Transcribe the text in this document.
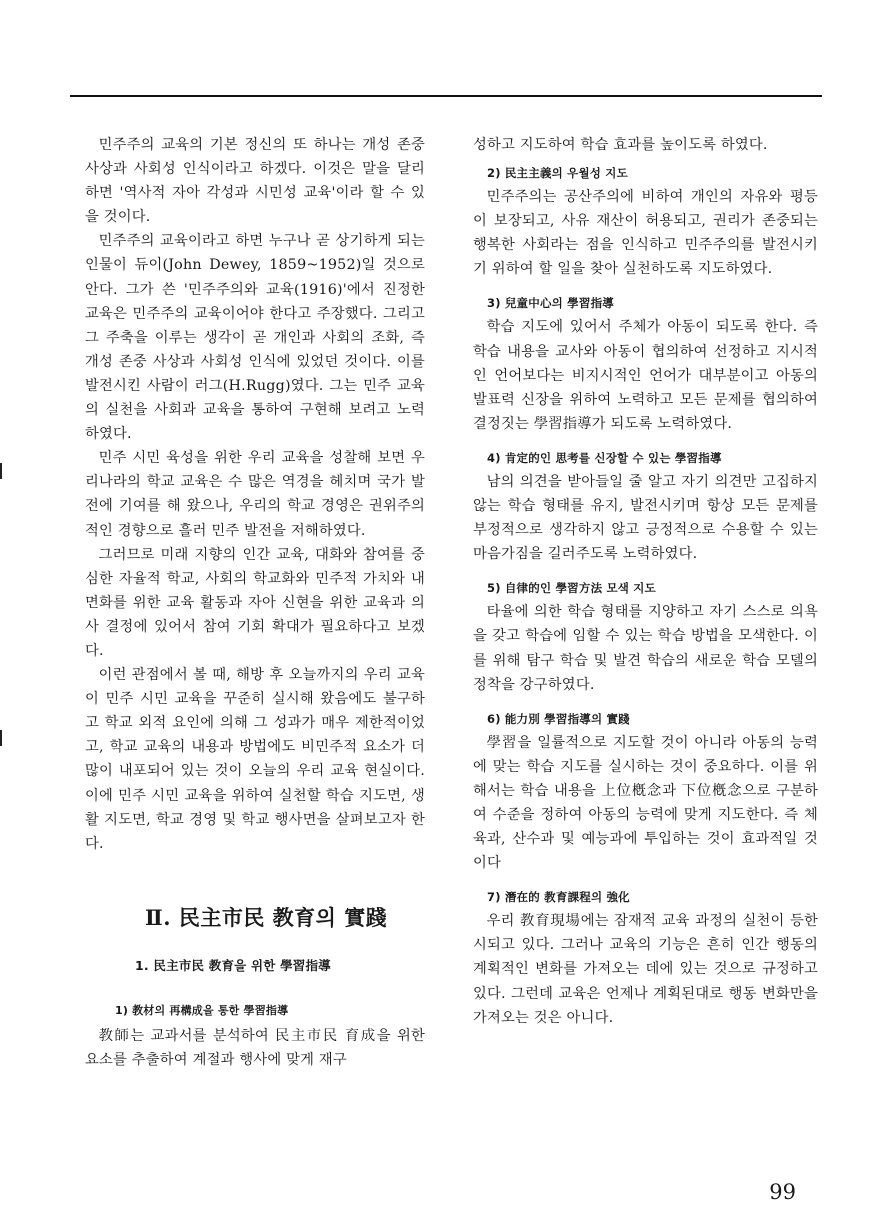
민주주의 교육의 기본 정신의 또 하나는 개성 존중 사상과 사회성 인식이라고 하겠다. 이것은 말을 달리하면 '역사적 자아 각성과 시민성 교육'이라 할 수 있을 것이다.

민주주의 교육이라고 하면 누구나 곧 상기하게 되는 인물이 듀이(John Dewey, 1859~1952)일 것으로 안다. 그가 쓴 '민주주의와 교육(1916)'에서 진정한 교육은 민주주의 교육이어야 한다고 주장했다. 그리고 그 주축을 이루는 생각이 곧 개인과 사회의 조화, 즉 개성 존중 사상과 사회성 인식에 있었던 것이다. 이를 발전시킨 사람이 러그(H.Rugg)였다. 그는 민주 교육의 실천을 사회과 교육을 통하여 구현해 보려고 노력하였다.

민주 시민 육성을 위한 우리 교육을 성찰해 보면 우리나라의 학교 교육은 수 많은 역경을 헤치며 국가 발전에 기여를 해 왔으나, 우리의 학교 경영은 권위주의적인 경향으로 흘러 민주 발전을 저해하였다.

그러므로 미래 지향의 인간 교육, 대화와 참여를 중심한 자율적 학교, 사회의 학교화와 민주적 가치와 내면화를 위한 교육 활동과 자아 신현을 위한 교육과 의사 결정에 있어서 참여 기회 확대가 필요하다고 보겠다.

이런 관점에서 볼 때, 해방 후 오늘까지의 우리 교육이 민주 시민 교육을 꾸준히 실시해 왔음에도 불구하고 학교 외적 요인에 의해 그 성과가 매우 제한적이었고, 학교 교육의 내용과 방법에도 비민주적 요소가 더 많이 내포되어 있는 것이 오늘의 우리 교육 현실이다. 이에 민주 시민 교육을 위하여 실천할 학습 지도면, 생활 지도면, 학교 경영 및 학교 행사면을 살펴보고자 한다.

Ⅱ. 民主市民 教育의 實踐
1. 民主市民 教育을 위한 學習指導
1) 教材의 再構成을 통한 學習指導

教師는 교과서를 분석하여 民主市民 育成을 위한 요소를 추출하여 계절과 행사에 맞게 재구

성하고 지도하여 학습 효과를 높이도록 하였다.

2) 民主主義의 우월성 지도

민주주의는 공산주의에 비하여 개인의 자유와 평등이 보장되고, 사유 재산이 허용되고, 권리가 존중되는 행복한 사회라는 점을 인식하고 민주주의를 발전시키기 위하여 할 일을 찾아 실천하도록 지도하였다.

3) 兒童中心의 學習指導

학습 지도에 있어서 주체가 아동이 되도록 한다. 즉 학습 내용을 교사와 아동이 협의하여 선정하고 지시적인 언어보다는 비지시적인 언어가 대부분이고 아동의 발표력 신장을 위하여 노력하고 모든 문제를 협의하여 결정짓는 學習指導가 되도록 노력하였다.

4) 肯定的인 思考를 신장할 수 있는 學習指導

남의 의견을 받아들일 줄 알고 자기 의견만 고집하지 않는 학습 형태를 유지, 발전시키며 항상 모든 문제를 부정적으로 생각하지 않고 긍정적으로 수용할 수 있는 마음가짐을 길러주도록 노력하였다.

5) 自律的인 學習方法 모색 지도

타율에 의한 학습 형태를 지양하고 자기 스스로 의욕을 갖고 학습에 임할 수 있는 학습 방법을 모색한다. 이를 위해 탐구 학습 및 발견 학습의 새로운 학습 모델의 정착을 강구하였다.

6) 能力別 學習指導의 實踐

學習을 일률적으로 지도할 것이 아니라 아동의 능력에 맞는 학습 지도를 실시하는 것이 중요하다. 이를 위해서는 학습 내용을 上位槪念과 下位槪念으로 구분하여 수준을 정하여 아동의 능력에 맞게 지도한다. 즉 체육과, 산수과 및 예능과에 투입하는 것이 효과적일 것이다

7) 潛在的 教育課程의 強化

우리 教育現場에는 잠재적 교육 과정의 실천이 등한시되고 있다. 그러나 교육의 기능은 흔히 인간 행동의 계획적인 변화를 가져오는 데에 있는 것으로 규정하고 있다. 그런데 교육은 언제나 계획된대로 행동 변화만을 가져오는 것은 아니다.

99
